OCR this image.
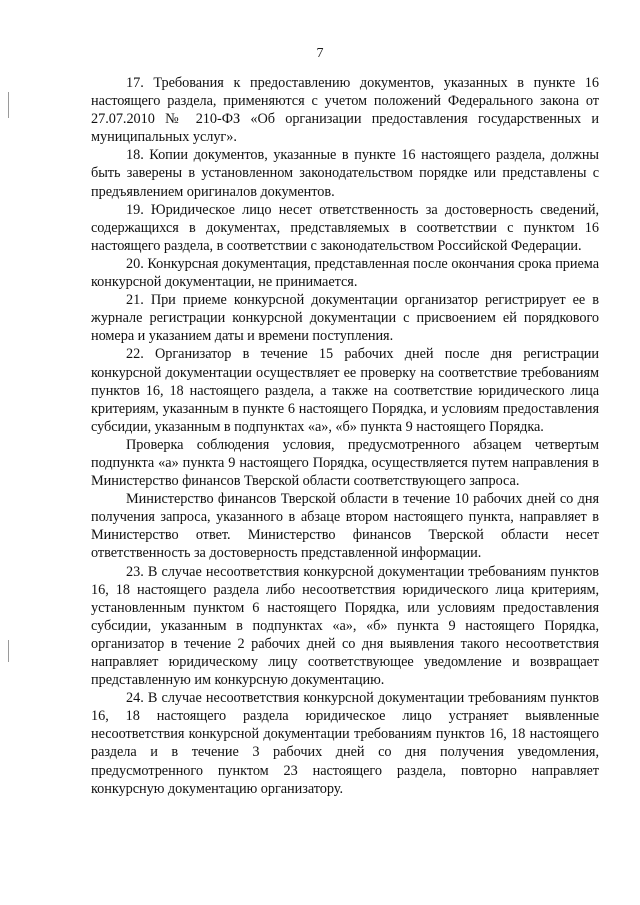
7

17. Требования к предоставлению документов, указанных в пункте 16 настоящего раздела, применяются с учетом положений Федерального закона от 27.07.2010 № 210-ФЗ «Об организации предоставления государственных и муниципальных услуг».

18. Копии документов, указанные в пункте 16 настоящего раздела, должны быть заверены в установленном законодательством порядке или представлены с предъявлением оригиналов документов.

19. Юридическое лицо несет ответственность за достоверность сведений, содержащихся в документах, представляемых в соответствии с пунктом 16 настоящего раздела, в соответствии с законодательством Российской Федерации.

20. Конкурсная документация, представленная после окончания срока приема конкурсной документации, не принимается.

21. При приеме конкурсной документации организатор регистрирует ее в журнале регистрации конкурсной документации с присвоением ей порядкового номера и указанием даты и времени поступления.

22. Организатор в течение 15 рабочих дней после дня регистрации конкурсной документации осуществляет ее проверку на соответствие требованиям пунктов 16, 18 настоящего раздела, а также на соответствие юридического лица критериям, указанным в пункте 6 настоящего Порядка, и условиям предоставления субсидии, указанным в подпунктах «а», «б» пункта 9 настоящего Порядка.

Проверка соблюдения условия, предусмотренного абзацем четвертым подпункта «а» пункта 9 настоящего Порядка, осуществляется путем направления в Министерство финансов Тверской области соответствующего запроса.

Министерство финансов Тверской области в течение 10 рабочих дней со дня получения запроса, указанного в абзаце втором настоящего пункта, направляет в Министерство ответ. Министерство финансов Тверской области несет ответственность за достоверность представленной информации.

23. В случае несоответствия конкурсной документации требованиям пунктов 16, 18 настоящего раздела либо несоответствия юридического лица критериям, установленным пунктом 6 настоящего Порядка, или условиям предоставления субсидии, указанным в подпунктах «а», «б» пункта 9 настоящего Порядка, организатор в течение 2 рабочих дней со дня выявления такого несоответствия направляет юридическому лицу соответствующее уведомление и возвращает представленную им конкурсную документацию.

24. В случае несоответствия конкурсной документации требованиям пунктов 16, 18 настоящего раздела юридическое лицо устраняет выявленные несоответствия конкурсной документации требованиям пунктов 16, 18 настоящего раздела и в течение 3 рабочих дней со дня получения уведомления, предусмотренного пунктом 23 настоящего раздела, повторно направляет конкурсную документацию организатору.
